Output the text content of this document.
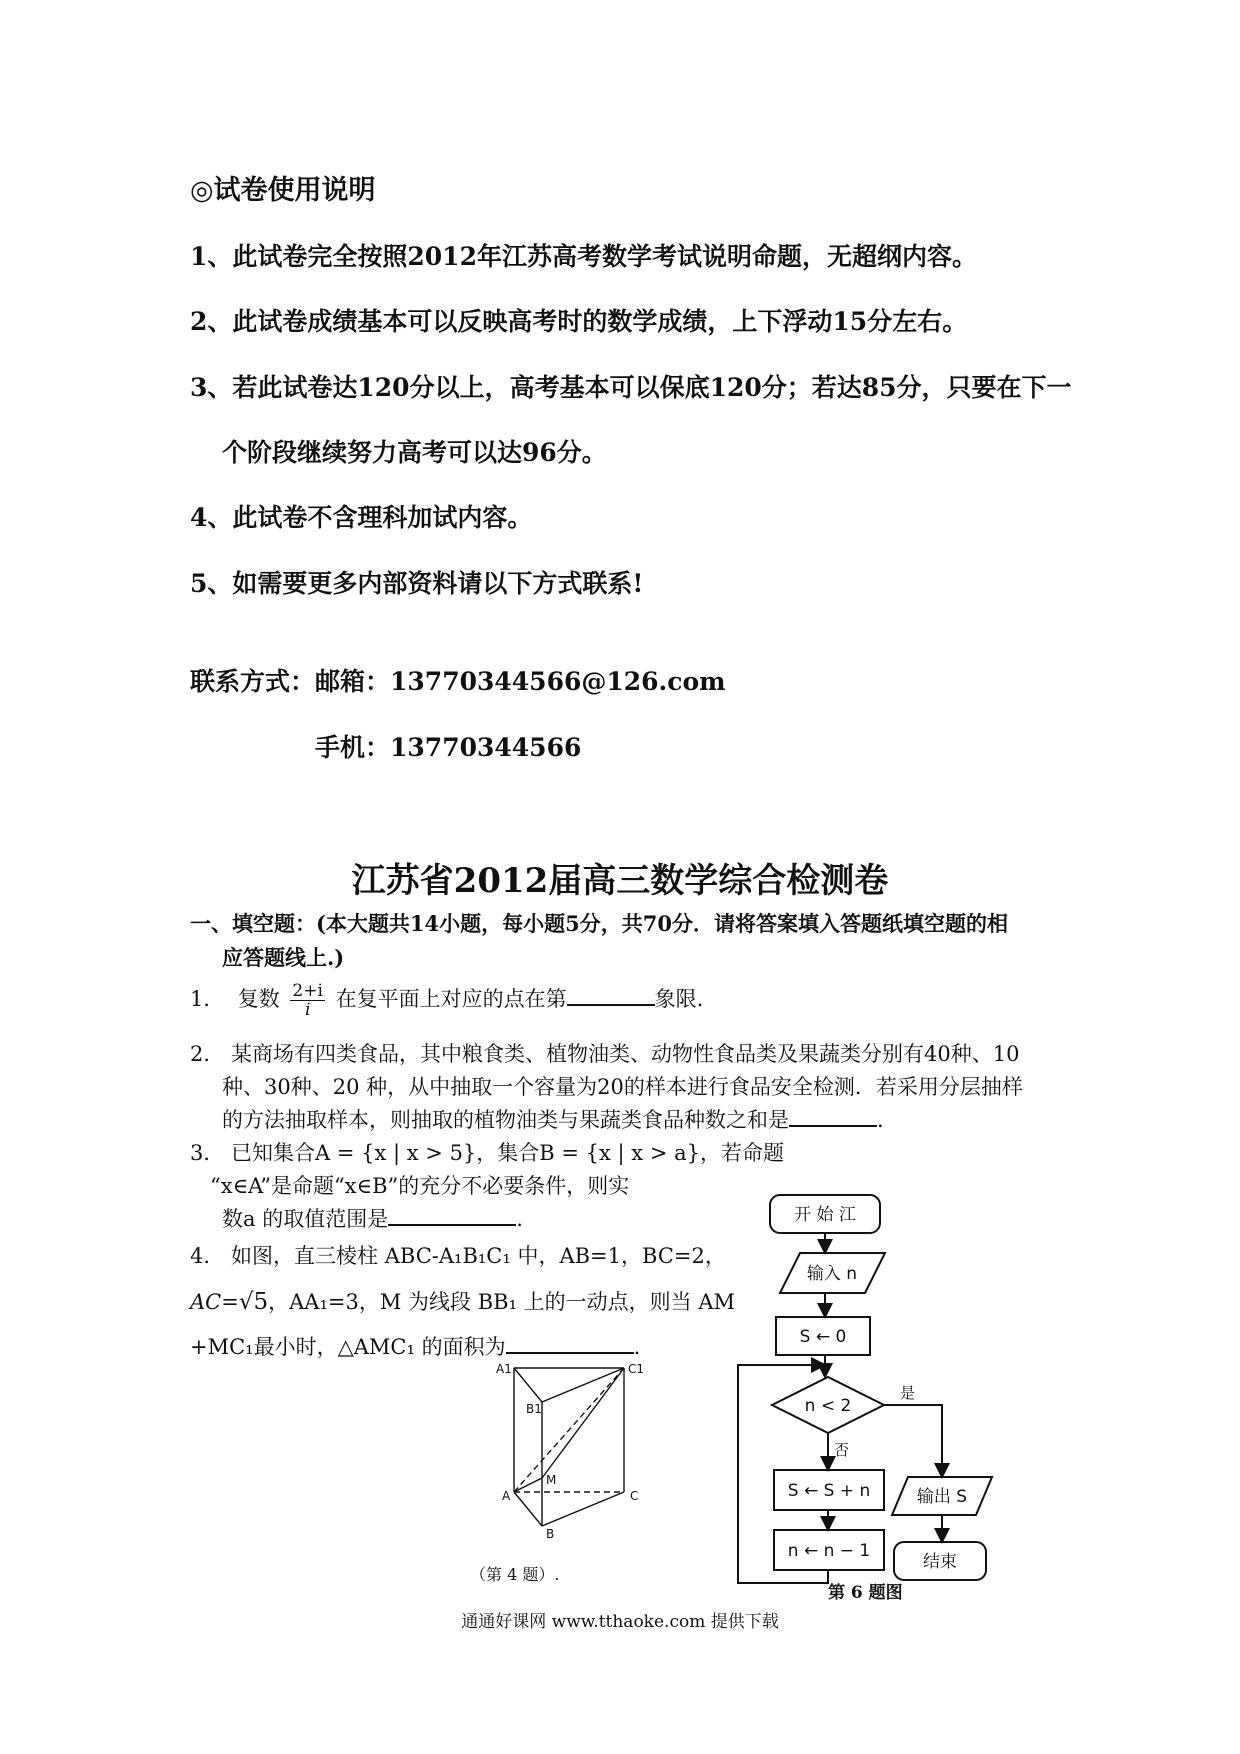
◎试卷使用说明
1、此试卷完全按照2012年江苏高考数学考试说明命题，无超纲内容。
2、此试卷成绩基本可以反映高考时的数学成绩，上下浮动15分左右。
3、若此试卷达120分以上，高考基本可以保底120分；若达85分，只要在下一
个阶段继续努力高考可以达96分。
4、此试卷不含理科加试内容。
5、如需要更多内部资料请以下方式联系!
联系方式：邮箱：13770344566@126.com
手机：13770344566
江苏省2012届高三数学综合检测卷
一、填空题：(本大题共14小题，每小题5分，共70分．请将答案填入答题纸填空题的相
应答题线上.)
1． 复数 $\frac{2+i}{i}$ 在复平面上对应的点在第	象限.
2． 某商场有四类食品，其中粮食类、植物油类、动物性食品类及果蔬类分别有40种、10
种、30种、20 种，从中抽取一个容量为20的样本进行食品安全检测．若采用分层抽样
的方法抽取样本，则抽取的植物油类与果蔬类食品种数之和是	.
3． 已知集合A = {x | x > 5}，集合B = {x | x > a}，若命题
“x∈A”是命题“x∈B”的充分不必要条件，则实
数a 的取值范围是	.
4． 如图，直三棱柱 ABC-A₁B₁C₁ 中，AB=1，BC=2，
AC=√5，AA₁=3，M 为线段 BB₁ 上的一动点，则当 AM
+MC₁最小时，△AMC₁ 的面积为	.
A1	C1
B1
M
A
B
C
（第 4 题）.
开 始 江
输入 n
S ← 0
n < 2
S ← S + n
n ← n − 1
输出 S
结束
是
否
第 6 题图
通通好课网 www.tthaoke.com 提供下载
